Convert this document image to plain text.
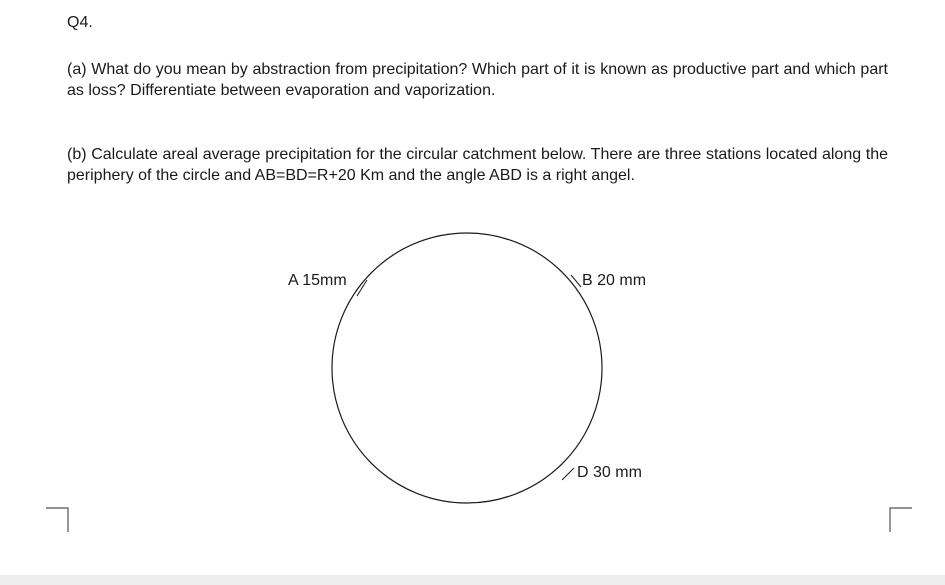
Q4.
(a) What do you mean by abstraction from precipitation? Which part of it is known as productive part and which part as loss? Differentiate between evaporation and vaporization.
(b) Calculate areal average precipitation for the circular catchment below. There are three stations located along the periphery of the circle and AB=BD=R+20 Km and the angle ABD is a right angel.
A 15mm	B 20 mm
D 30 mm
